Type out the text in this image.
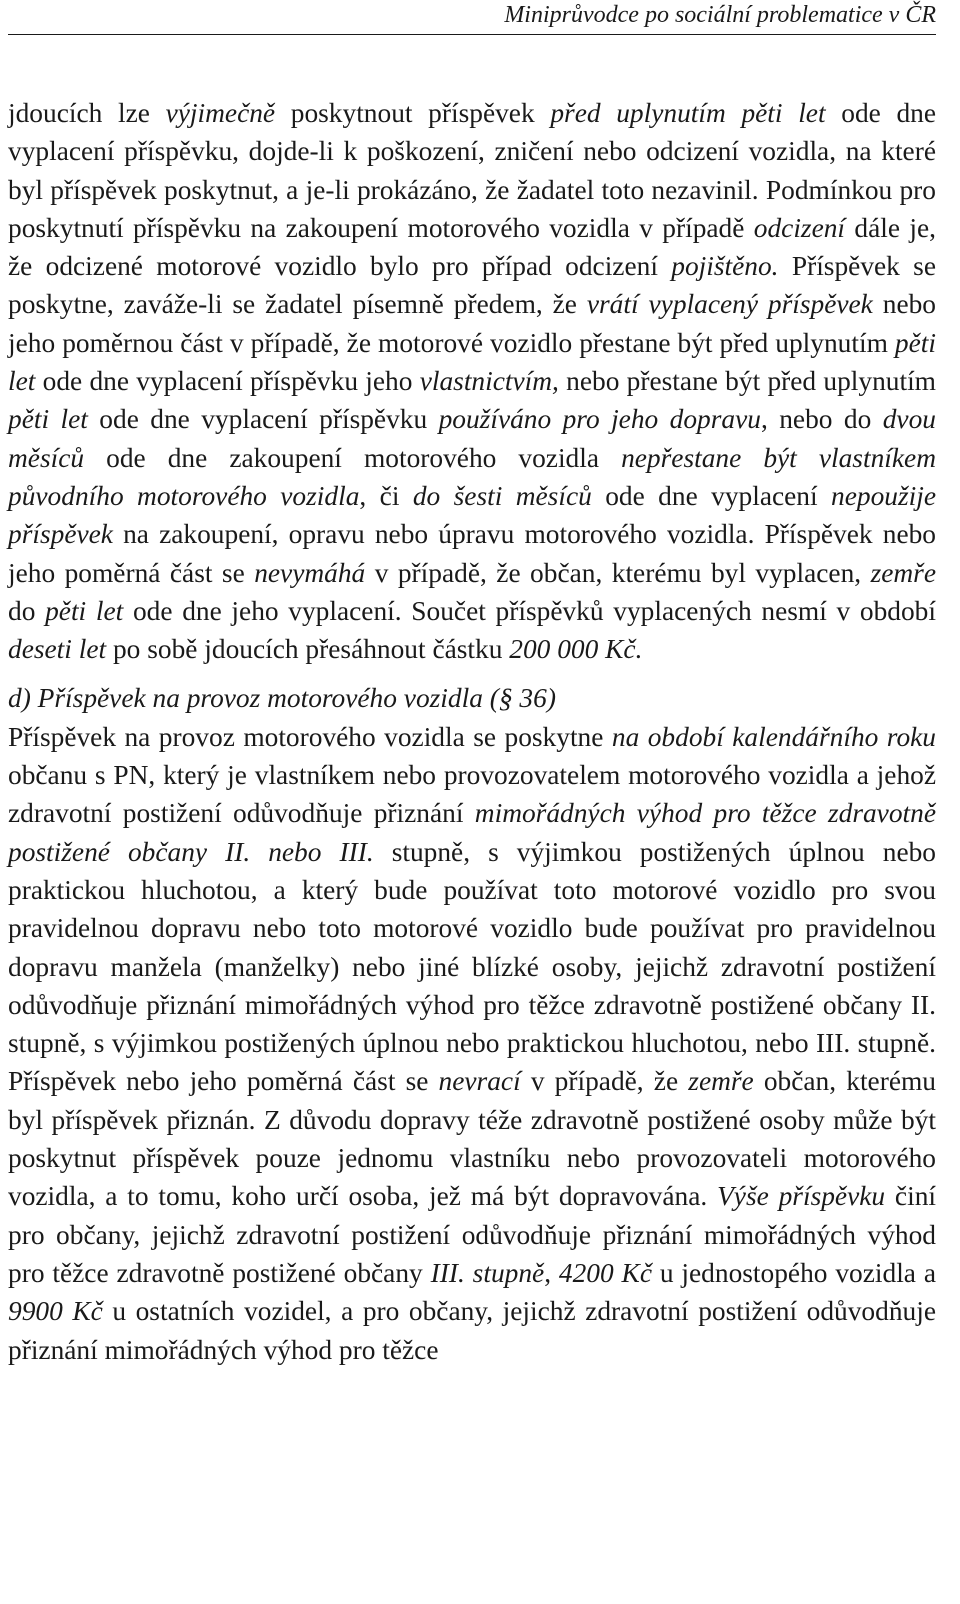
Miniprůvodce po sociální problematice v ČR

jdoucích lze výjimečně poskytnout příspěvek před uplynutím pěti let ode dne vyplacení příspěvku, dojde-li k poškození, zničení nebo odcizení vozidla, na které byl příspěvek poskytnut, a je-li prokázáno, že žadatel toto nezavinil. Podmínkou pro poskytnutí příspěvku na zakoupení motorového vozidla v případě odcizení dále je, že odcizené motorové vozidlo bylo pro případ odcizení pojištěno. Příspěvek se poskytne, zaváže-li se žadatel písemně předem, že vrátí vyplacený příspěvek nebo jeho poměrnou část v případě, že motorové vozidlo přestane být před uplynutím pěti let ode dne vyplacení příspěvku jeho vlastnictvím, nebo přestane být před uplynutím pěti let ode dne vyplacení příspěvku používáno pro jeho dopravu, nebo do dvou měsíců ode dne zakoupení motorového vozidla nepřestane být vlastníkem původního motorového vozidla, či do šesti měsíců ode dne vyplacení nepoužije příspěvek na zakoupení, opravu nebo úpravu motorového vozidla. Příspěvek nebo jeho poměrná část se nevymáhá v případě, že občan, kterému byl vyplacen, zemře do pěti let ode dne jeho vyplacení. Součet příspěvků vyplacených nesmí v období deseti let po sobě jdoucích přesáhnout částku 200 000 Kč.

d) Příspěvek na provoz motorového vozidla (§ 36)

Příspěvek na provoz motorového vozidla se poskytne na období kalendářního roku občanu s PN, který je vlastníkem nebo provozovatelem motorového vozidla a jehož zdravotní postižení odůvodňuje přiznání mimořádných výhod pro těžce zdravotně postižené občany II. nebo III. stupně, s výjimkou postižených úplnou nebo praktickou hluchotou, a který bude používat toto motorové vozidlo pro svou pravidelnou dopravu nebo toto motorové vozidlo bude používat pro pravidelnou dopravu manžela (manželky) nebo jiné blízké osoby, jejichž zdravotní postižení odůvodňuje přiznání mimořádných výhod pro těžce zdravotně postižené občany II. stupně, s výjimkou postižených úplnou nebo praktickou hluchotou, nebo III. stupně. Příspěvek nebo jeho poměrná část se nevrací v případě, že zemře občan, kterému byl příspěvek přiznán. Z důvodu dopravy téže zdravotně postižené osoby může být poskytnut příspěvek pouze jednomu vlastníku nebo provozovateli motorového vozidla, a to tomu, koho určí osoba, jež má být dopravována. Výše příspěvku činí pro občany, jejichž zdravotní postižení odůvodňuje přiznání mimořádných výhod pro těžce zdravotně postižené občany III. stupně, 4200 Kč u jednostopého vozidla a 9900 Kč u ostatních vozidel, a pro občany, jejichž zdravotní postižení odůvodňuje přiznání mimořádných výhod pro těžce
